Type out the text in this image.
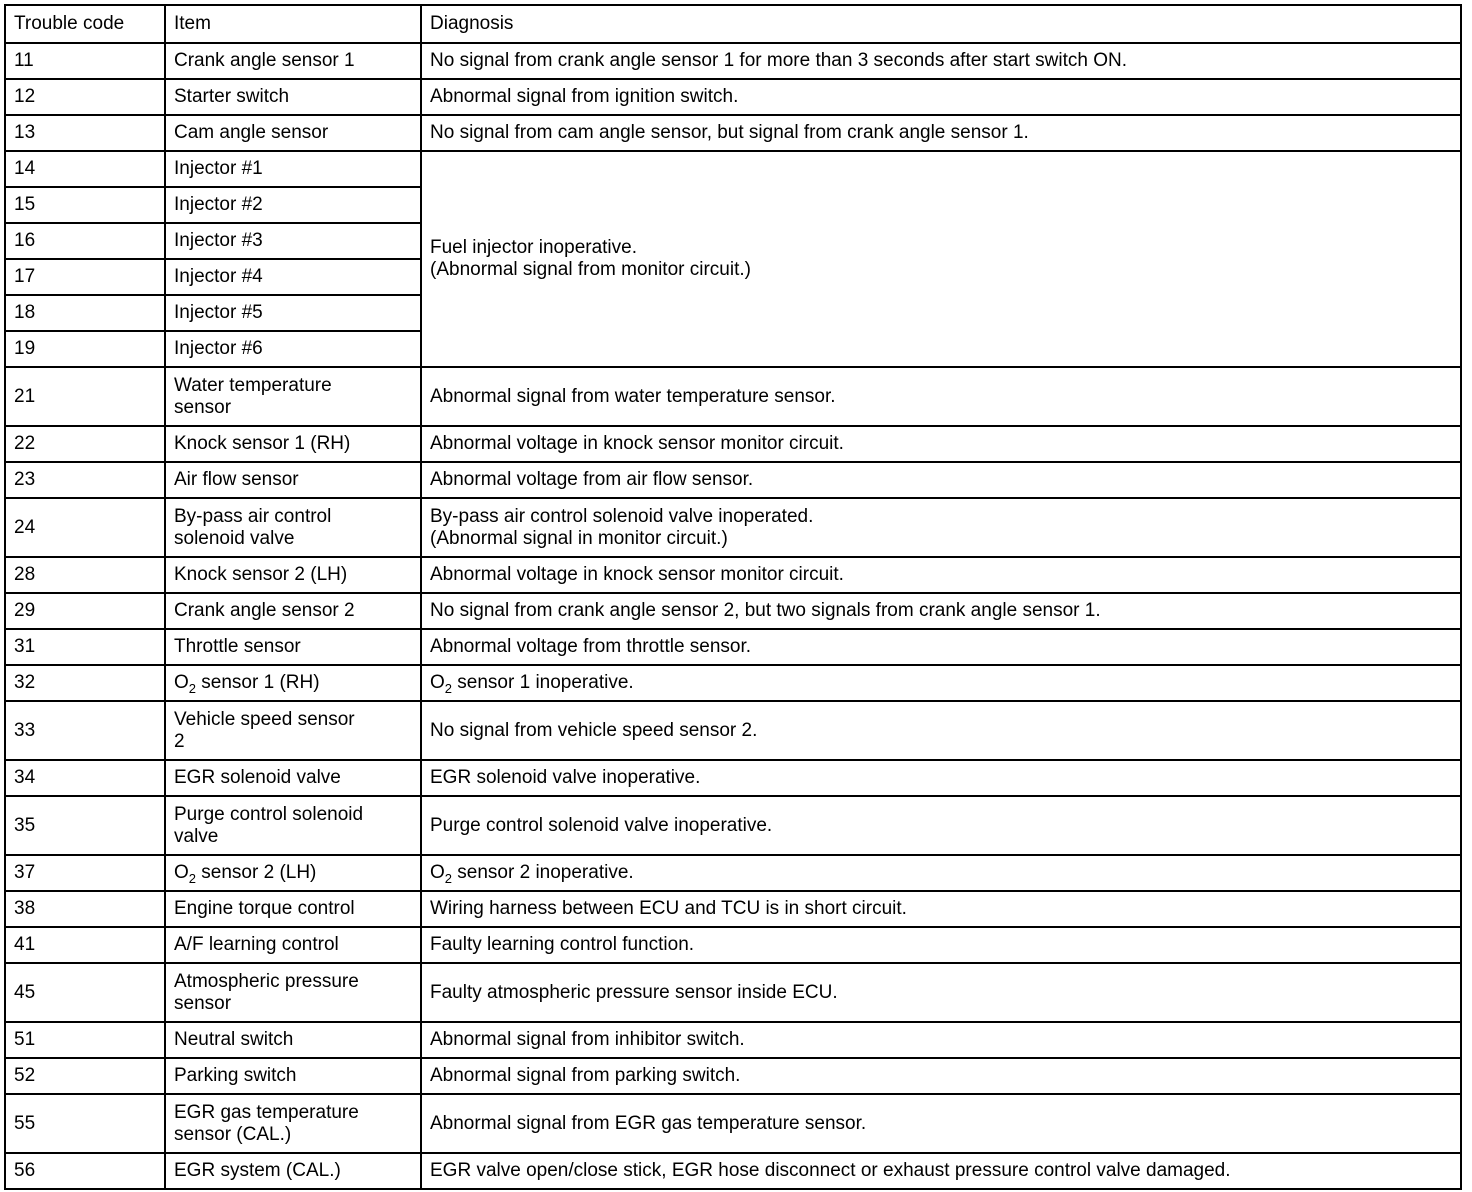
Trouble code	Item	Diagnosis
11	Crank angle sensor 1	No signal from crank angle sensor 1 for more than 3 seconds after start switch ON.
12	Starter switch	Abnormal signal from ignition switch.
13	Cam angle sensor	No signal from cam angle sensor, but signal from crank angle sensor 1.
14	Injector #1	Fuel injector inoperative.
(Abnormal signal from monitor circuit.)

15	Injector #2	
16	Injector #3	
17	Injector #4	
18	Injector #5	
19	Injector #6	
21	Water temperature
sensor	Abnormal signal from water temperature sensor.
22	Knock sensor 1 (RH)	Abnormal voltage in knock sensor monitor circuit.
23	Air flow sensor	Abnormal voltage from air flow sensor.
24	By-pass air control
solenoid valve	By-pass air control solenoid valve inoperated.
(Abnormal signal in monitor circuit.)

28	Knock sensor 2 (LH)	Abnormal voltage in knock sensor monitor circuit.
29	Crank angle sensor 2	No signal from crank angle sensor 2, but two signals from crank angle sensor 1.
31	Throttle sensor	Abnormal voltage from throttle sensor.
32	$O_2$ sensor 1 (RH)	$O_2$ sensor 1 inoperative.
33	Vehicle speed sensor
2	No signal from vehicle speed sensor 2.
34	EGR solenoid valve	EGR solenoid valve inoperative.
35	Purge control solenoid
valve	Purge control solenoid valve inoperative.
37	$O_2$ sensor 2 (LH)	$O_2$ sensor 2 inoperative.
38	Engine torque control	Wiring harness between ECU and TCU is in short circuit.
41	A/F learning control	Faulty learning control function.
45	Atmospheric pressure
sensor	Faulty atmospheric pressure sensor inside ECU.
51	Neutral switch	Abnormal signal from inhibitor switch.
52	Parking switch	Abnormal signal from parking switch.
55	EGR gas temperature
sensor (CAL.)	Abnormal signal from EGR gas temperature sensor.
56	EGR system (CAL.)	EGR valve open/close stick, EGR hose disconnect or exhaust pressure control valve damaged.
